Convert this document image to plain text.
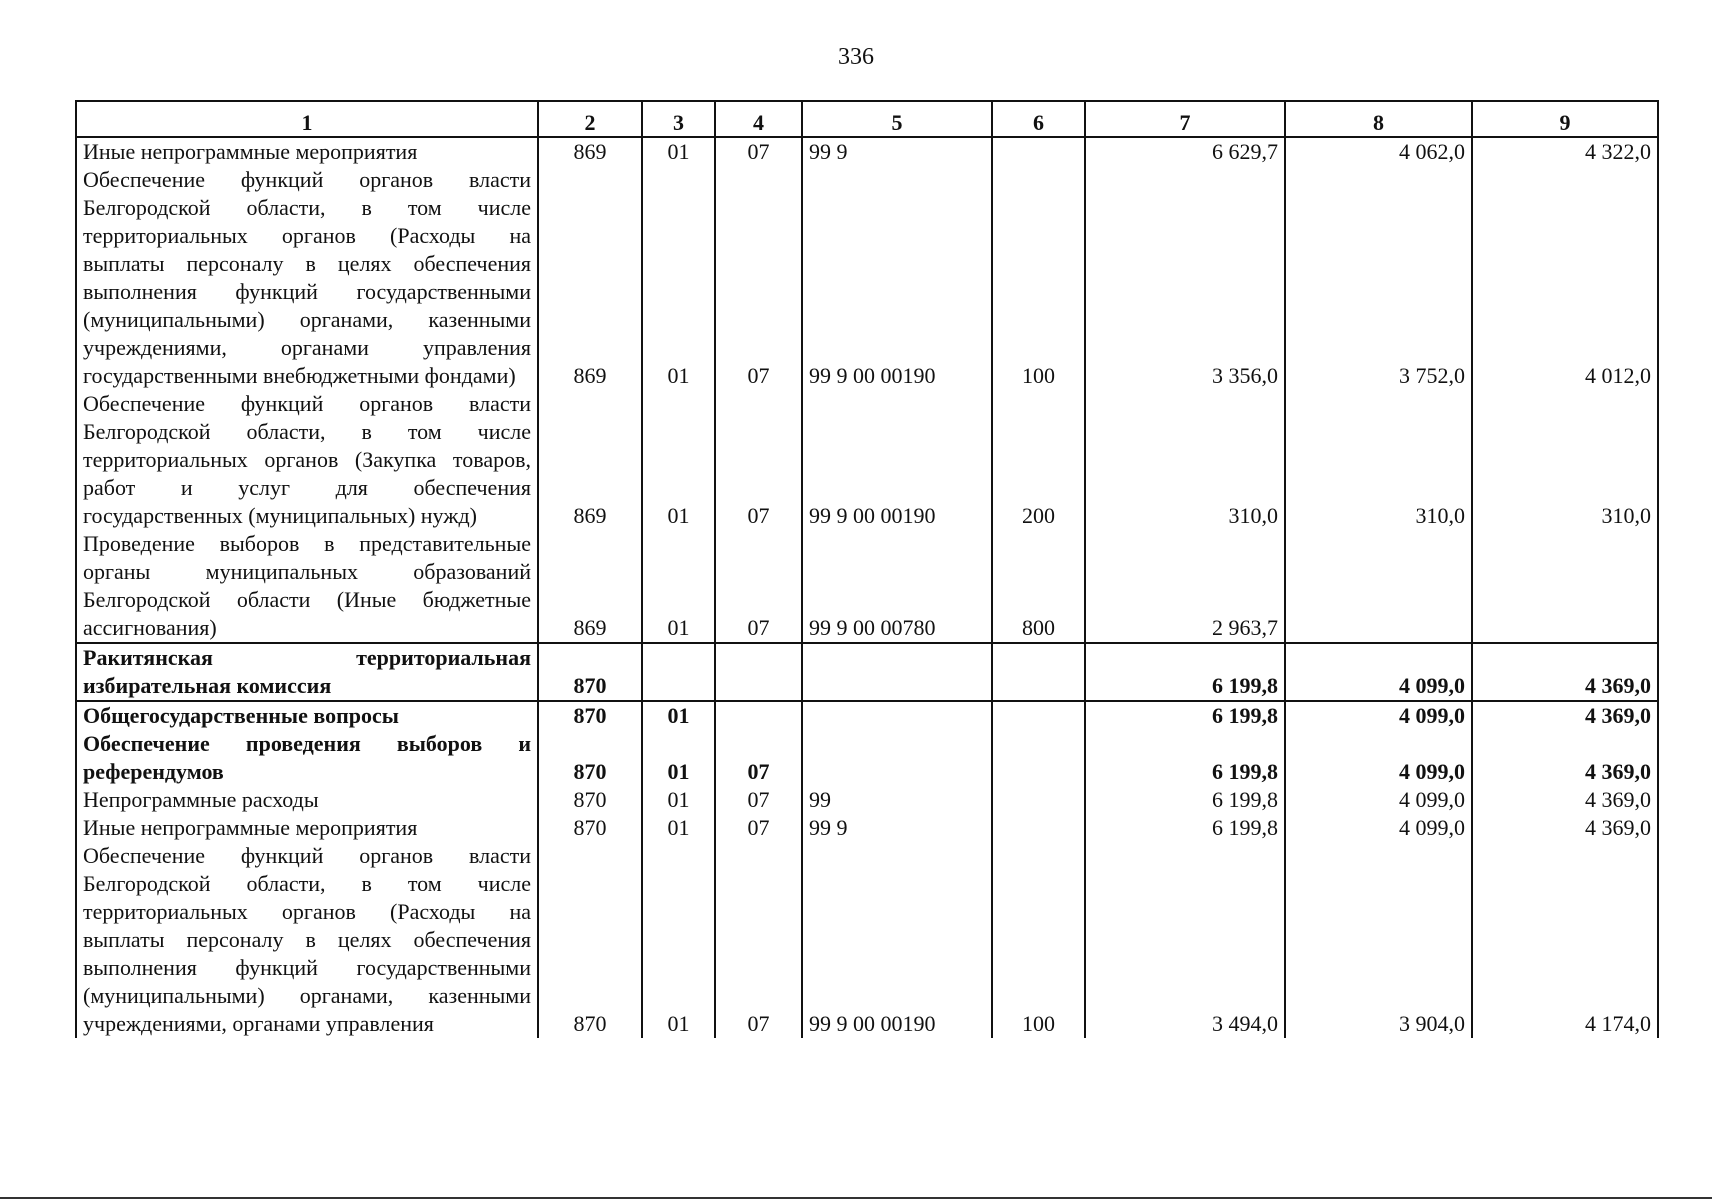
336
1	2	3	4	5	6	7	8	9
Иные непрограммные мероприятия	869	01	07	99 9		6 629,7	4 062,0	4 322,0
Обеспечение функций органов власти Белгородской области, в том числе территориальных органов (Расходы на выплаты персоналу в целях обеспечения выполнения функций государственными (муниципальными) органами, казенными учреждениями, органами управления государственными внебюджетными фондами)	869	01	07	99 9 00 00190	100	3 356,0	3 752,0	4 012,0
Обеспечение функций органов власти Белгородской области, в том числе территориальных органов (Закупка товаров, работ и услуг для обеспечения государственных (муниципальных) нужд)	869	01	07	99 9 00 00190	200	310,0	310,0	310,0
Проведение выборов в представительные органы муниципальных образований Белгородской области (Иные бюджетные ассигнования)	869	01	07	99 9 00 00780	800	2 963,7		
Ракитянская территориальная избирательная комиссия	870					6 199,8	4 099,0	4 369,0
Общегосударственные вопросы	870	01				6 199,8	4 099,0	4 369,0
Обеспечение проведения выборов и референдумов	870	01	07			6 199,8	4 099,0	4 369,0
Непрограммные расходы	870	01	07	99		6 199,8	4 099,0	4 369,0
Иные непрограммные мероприятия	870	01	07	99 9		6 199,8	4 099,0	4 369,0
Обеспечение функций органов власти Белгородской области, в том числе территориальных органов (Расходы на выплаты персоналу в целях обеспечения выполнения функций государственными (муниципальными) органами, казенными учреждениями, органами управления	870	01	07	99 9 00 00190	100	3 494,0	3 904,0	4 174,0
